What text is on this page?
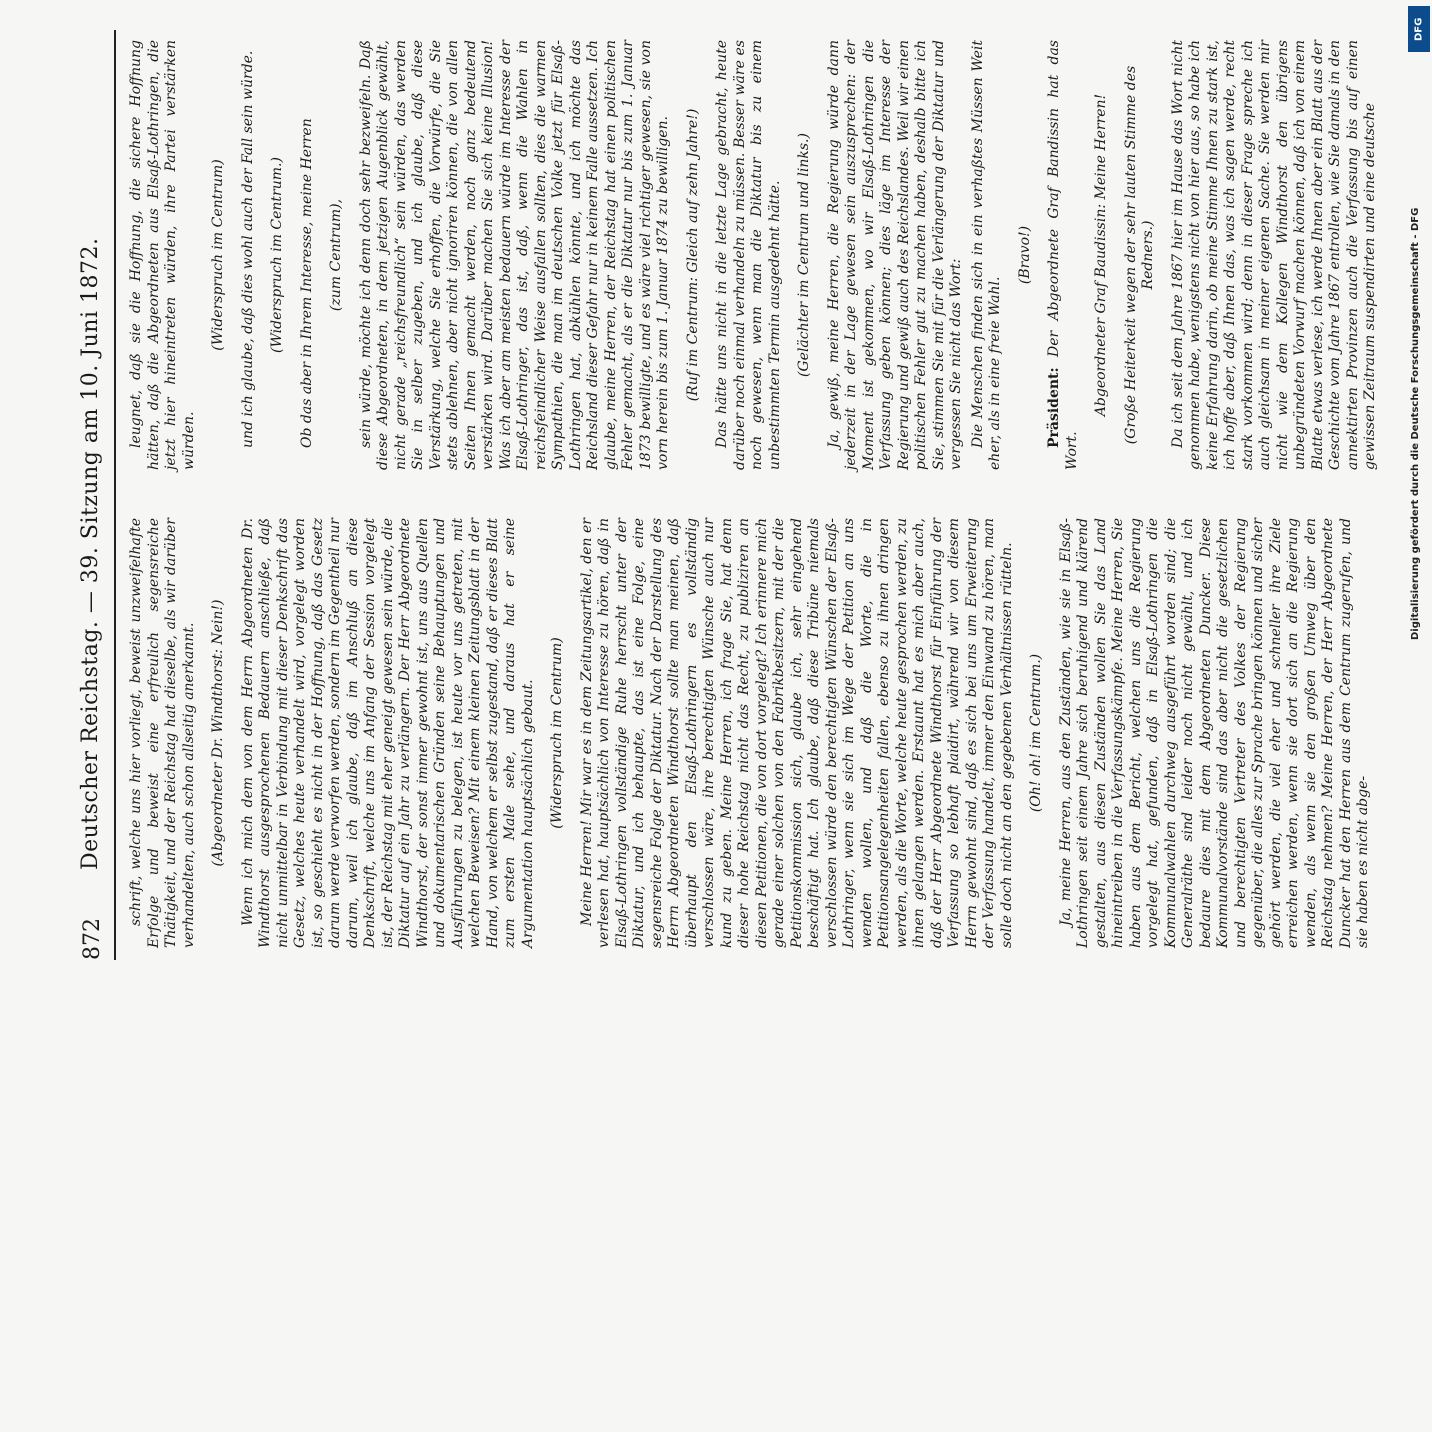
872
Deutscher Reichstag. — 39. Sitzung am 10. Juni 1872. schrift, welche uns hier vorliegt, beweist unzweifelhafte Erfolge und beweist eine erfreulich segensreiche Thätigkeit, und der Reichstag hat dieselbe, als wir darüber verhandelten, auch schon allseitig anerkannt. (Abgeordneter Dr. Windthorst: Nein!) Wenn ich mich dem von dem Herrn Abgeordneten Dr. Windthorst ausgesprochenen Bedauern anschließe, daß nicht unmittelbar in Verbindung mit dieser Denkschrift das Gesetz, welches heute verhandelt wird, vorgelegt worden ist, so geschieht es nicht in der Hoffnung, daß das Gesetz darum werde verworfen werden, sondern im Gegentheil nur darum, weil ich glaube, daß im Anschluß an diese Denkschrift, welche uns im Anfang der Session vorgelegt ist, der Reichstag mit eher geneigt gewesen sein würde, die Diktatur auf ein Jahr zu verlängern. Der Herr Abgeordnete Windthorst, der sonst immer gewohnt ist, uns aus Quellen und dokumentarischen Gründen seine Behauptungen und Ausführungen zu belegen, ist heute vor uns getreten, mit welchen Beweisen? Mit einem kleinen Zeitungsblatt in der Hand, von welchem er selbst zugestand, daß er dieses Blatt zum ersten Male sehe, und daraus hat er seine Argumentation hauptsächlich gebaut. (Widerspruch im Centrum) Meine Herren! Mir war es in dem Zeitungsartikel, den er verlesen hat, hauptsächlich von Interesse zu hören, daß in Elsaß-Lothringen vollständige Ruhe herrscht unter der Diktatur, und ich behaupte, das ist eine Folge, eine segensreiche Folge der Diktatur. Nach der Darstellung des Herrn Abgeordneten Windthorst sollte man meinen, daß überhaupt den Elsaß-Lothringern es vollständig verschlossen wäre, ihre berechtigten Wünsche auch nur kund zu geben. Meine Herren, ich frage Sie, hat denn dieser hohe Reichstag nicht das Recht, zu publiziren an diesen Petitionen, die von dort vorgelegt? Ich erinnere mich gerade einer solchen von den Fabrikbesitzern, mit der die Petitionskommission sich, glaube ich, sehr eingehend beschäftigt hat. Ich glaube, daß diese Tribüne niemals verschlossen würde den berechtigten Wünschen der Elsaß-Lothringer, wenn sie sich im Wege der Petition an uns wenden wollen, und daß die Worte, die in Petitionsangelegenheiten fallen, ebenso zu ihnen dringen werden, als die Worte, welche heute gesprochen werden, zu ihnen gelangen werden. Erstaunt hat es mich aber auch, daß der Herr Abgeordnete Windthorst für Einführung der Verfassung so lebhaft plaidirt, während wir von diesem Herrn gewohnt sind, daß es sich bei uns um Erweiterung der Verfassung handelt, immer den Einwand zu hören, man solle doch nicht an den gegebenen Verhältnissen rütteln. (Oh! oh! im Centrum.) Ja, meine Herren, aus den Zuständen, wie sie in Elsaß-Lothringen seit einem Jahre sich beruhigend und klärend gestalten, aus diesen Zuständen wollen Sie das Land hineintreiben in die Verfassungskämpfe. Meine Herren, Sie haben aus dem Bericht, welchen uns die Regierung vorgelegt hat, gefunden, daß in Elsaß-Lothringen die Kommunalwahlen durchweg ausgeführt worden sind; die Generalräthe sind leider noch nicht gewählt, und ich bedaure dies mit dem Abgeordneten Duncker. Diese Kommunalvorstände sind das aber nicht die gesetzlichen und berechtigten Vertreter des Volkes der Regierung gegenüber, die alles zur Sprache bringen können und sicher gehört werden, die viel eher und schneller ihre Ziele erreichen werden, wenn sie dort sich an die Regierung wenden, als wenn sie den großen Umweg über den Reichstag nehmen? Meine Herren, der Herr Abgeordnete Duncker hat den Herren aus dem Centrum zugerufen, und sie haben es nicht abge-

leugnet, daß sie die Hoffnung, die sichere Hoffnung hätten, daß die Abgeordneten aus Elsaß-Lothringen, die jetzt hier hineintreten würden, ihre Partei verstärken würden.

(Widerspruch im Centrum) und ich glaube, daß dies wohl auch der Fall sein würde. (Widerspruch im Centrum.) Ob das aber in Ihrem Interesse, meine Herren (zum Centrum), sein würde, möchte ich denn doch sehr bezweifeln. Daß diese Abgeordneten, in dem jetzigen Augenblick gewählt, nicht gerade „reichsfreundlich“ sein würden, das werden Sie in selber zugeben, und ich glaube, daß diese Verstärkung, welche Sie erhoffen, die Vorwürfe, die Sie stets ablehnen, aber nicht ignoriren können, die von allen Seiten Ihnen gemacht werden, noch ganz bedeutend verstärken wird. Darüber machen Sie sich keine Illusion! Was ich aber am meisten bedauern würde im Interesse der Elsaß-Lothringer, das ist, daß, wenn die Wahlen in reichsfeindlicher Weise ausfallen sollten, dies die warmen Sympathien, die man im deutschen Volke jetzt für Elsaß-Lothringen hat, abkühlen könnte, und ich möchte das Reichsland dieser Gefahr nur in keinem Falle aussetzen. Ich glaube, meine Herren, der Reichstag hat einen politischen Fehler gemacht, als er die Diktatur nur bis zum 1. Januar 1873 bewilligte, und es wäre viel richtiger gewesen, sie von vorn herein bis zum 1. Januar 1874 zu bewilligen. (Ruf im Centrum: Gleich auf zehn Jahre!) Das hätte uns nicht in die letzte Lage gebracht, heute darüber noch einmal verhandeln zu müssen. Besser wäre es noch gewesen, wenn man die Diktatur bis zu einem unbestimmten Termin ausgedehnt hätte. (Gelächter im Centrum und links.) Ja, gewiß, meine Herren, die Regierung würde dann jederzeit in der Lage gewesen sein auszusprechen: der Moment ist gekommen, wo wir Elsaß-Lothringen die Verfassung geben können; dies läge im Interesse der Regierung und gewiß auch des Reichslandes. Weil wir einen politischen Fehler gut zu machen haben, deshalb bitte ich Sie, stimmen Sie mit für die Verlängerung der Diktatur und vergessen Sie nicht das Wort: Die Menschen finden sich in ein verhaßtes Müssen Weit eher, als in eine freie Wahl.

(Bravo!)

Präsident: Der Abgeordnete Graf Bandissin hat das Wort.

Abgeordneter Graf Baudissin: Meine Herren! (Große Heiterkeit wegen der sehr lauten Stimme des Redners.) Da ich seit dem Jahre 1867 hier im Hause das Wort nicht genommen habe, wenigstens nicht von hier aus, so habe ich keine Erfahrung darin, ob meine Stimme Ihnen zu stark ist, ich hoffe aber, daß Ihnen das, was ich sagen werde, recht stark vorkommen wird; denn in dieser Frage spreche ich auch gleichsam in meiner eigenen Sache. Sie werden mir nicht wie dem Kollegen Windthorst den übrigens unbegründeten Vorwurf machen können, daß ich von einem Blatte etwas verlese, ich werde Ihnen aber ein Blatt aus der Geschichte vom Jahre 1867 entrollen, wie Sie damals in den annektirten Provinzen auch die Verfassung bis auf einen gewissen Zeitraum suspendirten und eine deutsche

DFG
Digitalisierung gefördert durch die Deutsche Forschungsgemeinschaft - DFG
